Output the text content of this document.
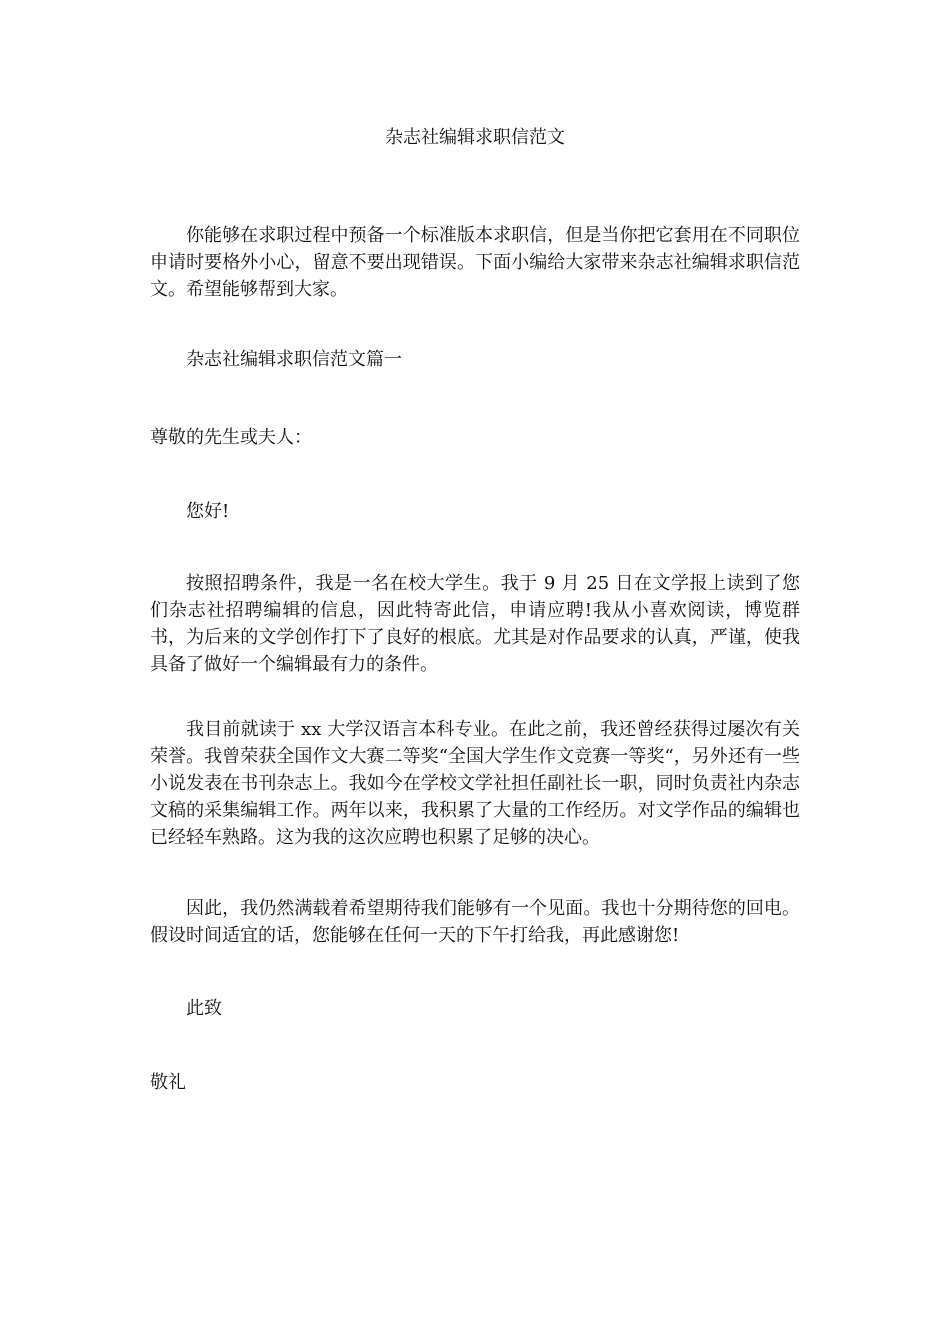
杂志社编辑求职信范文

你能够在求职过程中预备一个标准版本求职信，但是当你把它套用在不同职位申请时要格外小心，留意不要出现错误。下面小编给大家带来杂志社编辑求职信范文。希望能够帮到大家。

杂志社编辑求职信范文篇一

尊敬的先生或夫人：

您好!

按照招聘条件，我是一名在校大学生。我于 9 月 25 日在文学报上读到了您们杂志社招聘编辑的信息，因此特寄此信，申请应聘!我从小喜欢阅读，博览群书，为后来的文学创作打下了良好的根底。尤其是对作品要求的认真，严谨，使我具备了做好一个编辑最有力的条件。

我目前就读于 xx 大学汉语言本科专业。在此之前，我还曾经获得过屡次有关荣誉。我曾荣获全国作文大赛二等奖“全国大学生作文竞赛一等奖“，另外还有一些小说发表在书刊杂志上。我如今在学校文学社担任副社长一职，同时负责社内杂志文稿的采集编辑工作。两年以来，我积累了大量的工作经历。对文学作品的编辑也已经轻车熟路。这为我的这次应聘也积累了足够的决心。

因此，我仍然满载着希望期待我们能够有一个见面。我也十分期待您的回电。假设时间适宜的话，您能够在任何一天的下午打给我，再此感谢您!

此致

敬礼
